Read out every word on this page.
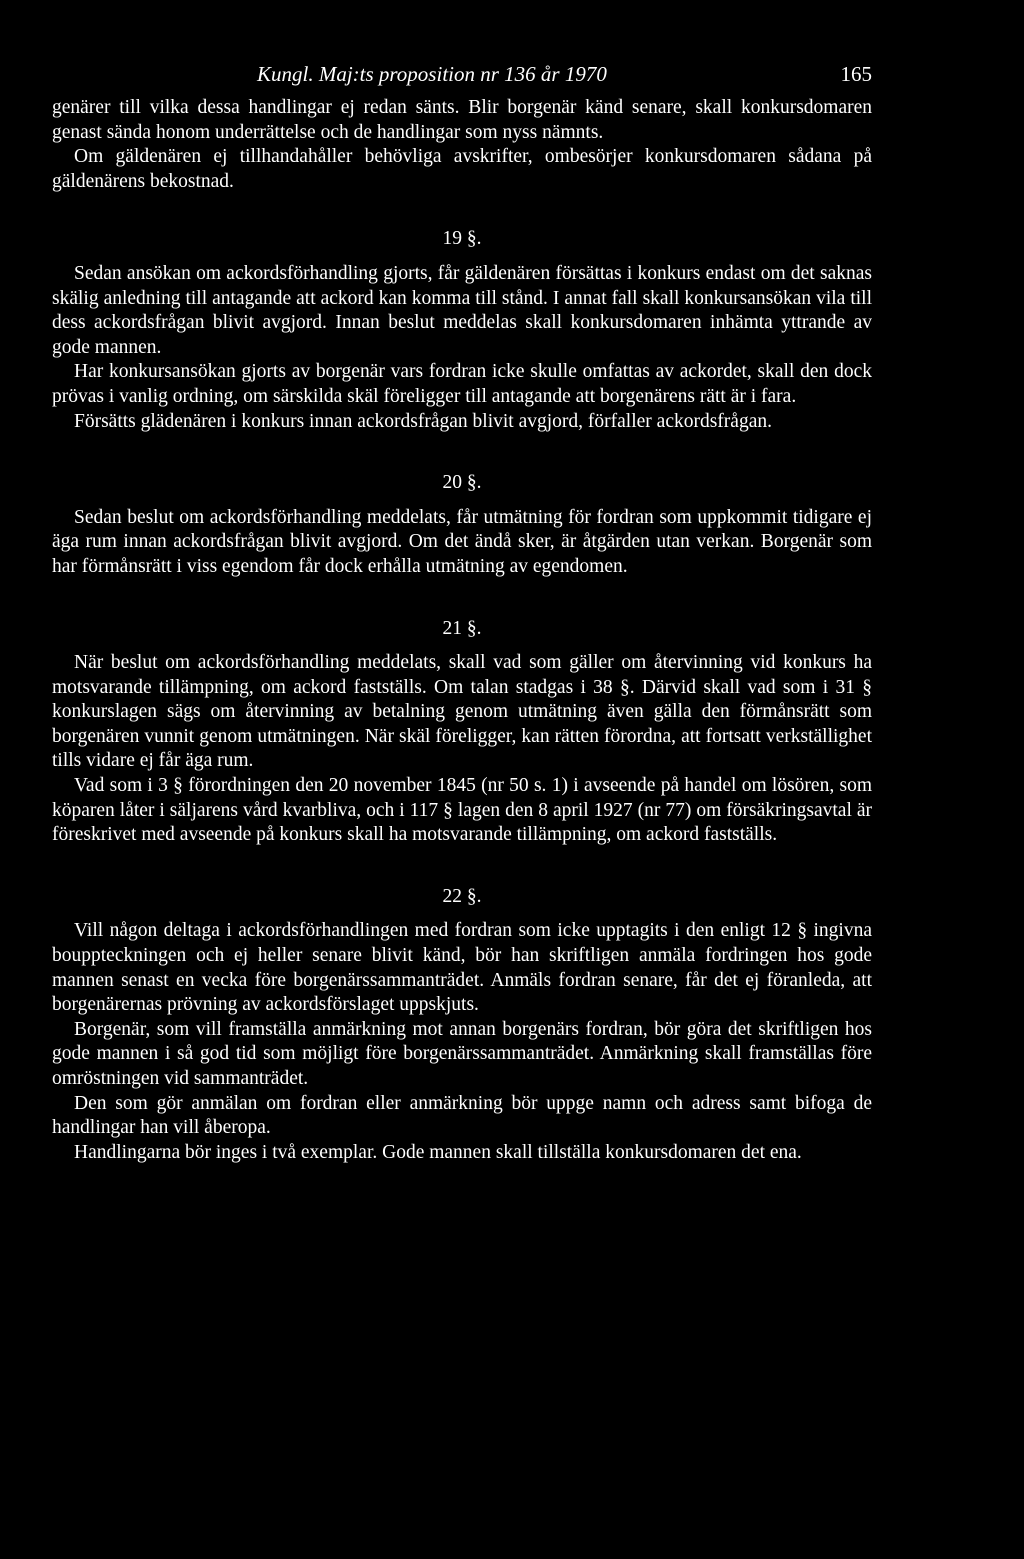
Kungl. Maj:ts proposition nr 136 år 1970	165

genärer till vilka dessa handlingar ej redan sänts. Blir borgenär känd senare, skall konkursdomaren genast sända honom underrättelse och de handlingar som nyss nämnts.

Om gäldenären ej tillhandahåller behövliga avskrifter, ombesörjer konkursdomaren sådana på gäldenärens bekostnad.

19 §.

Sedan ansökan om ackordsförhandling gjorts, får gäldenären försättas i konkurs endast om det saknas skälig anledning till antagande att ackord kan komma till stånd. I annat fall skall konkursansökan vila till dess ackordsfrågan blivit avgjord. Innan beslut meddelas skall konkursdomaren inhämta yttrande av gode mannen.

Har konkursansökan gjorts av borgenär vars fordran icke skulle omfattas av ackordet, skall den dock prövas i vanlig ordning, om särskilda skäl föreligger till antagande att borgenärens rätt är i fara.

Försätts glädenären i konkurs innan ackordsfrågan blivit avgjord, förfaller ackordsfrågan.

20 §.

Sedan beslut om ackordsförhandling meddelats, får utmätning för fordran som uppkommit tidigare ej äga rum innan ackordsfrågan blivit avgjord. Om det ändå sker, är åtgärden utan verkan. Borgenär som har förmånsrätt i viss egendom får dock erhålla utmätning av egendomen.

21 §.

När beslut om ackordsförhandling meddelats, skall vad som gäller om återvinning vid konkurs ha motsvarande tillämpning, om ackord fastställs. Om talan stadgas i 38 §. Därvid skall vad som i 31 § konkurslagen sägs om återvinning av betalning genom utmätning även gälla den förmånsrätt som borgenären vunnit genom utmätningen. När skäl föreligger, kan rätten förordna, att fortsatt verkställighet tills vidare ej får äga rum.

Vad som i 3 § förordningen den 20 november 1845 (nr 50 s. 1) i avseende på handel om lösören, som köparen låter i säljarens vård kvarbliva, och i 117 § lagen den 8 april 1927 (nr 77) om försäkringsavtal är föreskrivet med avseende på konkurs skall ha motsvarande tillämpning, om ackord fastställs.

22 §.

Vill någon deltaga i ackordsförhandlingen med fordran som icke upptagits i den enligt 12 § ingivna bouppteckningen och ej heller senare blivit känd, bör han skriftligen anmäla fordringen hos gode mannen senast en vecka före borgenärssammanträdet. Anmäls fordran senare, får det ej föranleda, att borgenärernas prövning av ackordsförslaget uppskjuts.

Borgenär, som vill framställa anmärkning mot annan borgenärs fordran, bör göra det skriftligen hos gode mannen i så god tid som möjligt före borgenärssammanträdet. Anmärkning skall framställas före omröstningen vid sammanträdet.

Den som gör anmälan om fordran eller anmärkning bör uppge namn och adress samt bifoga de handlingar han vill åberopa.

Handlingarna bör inges i två exemplar. Gode mannen skall tillställa konkursdomaren det ena.
